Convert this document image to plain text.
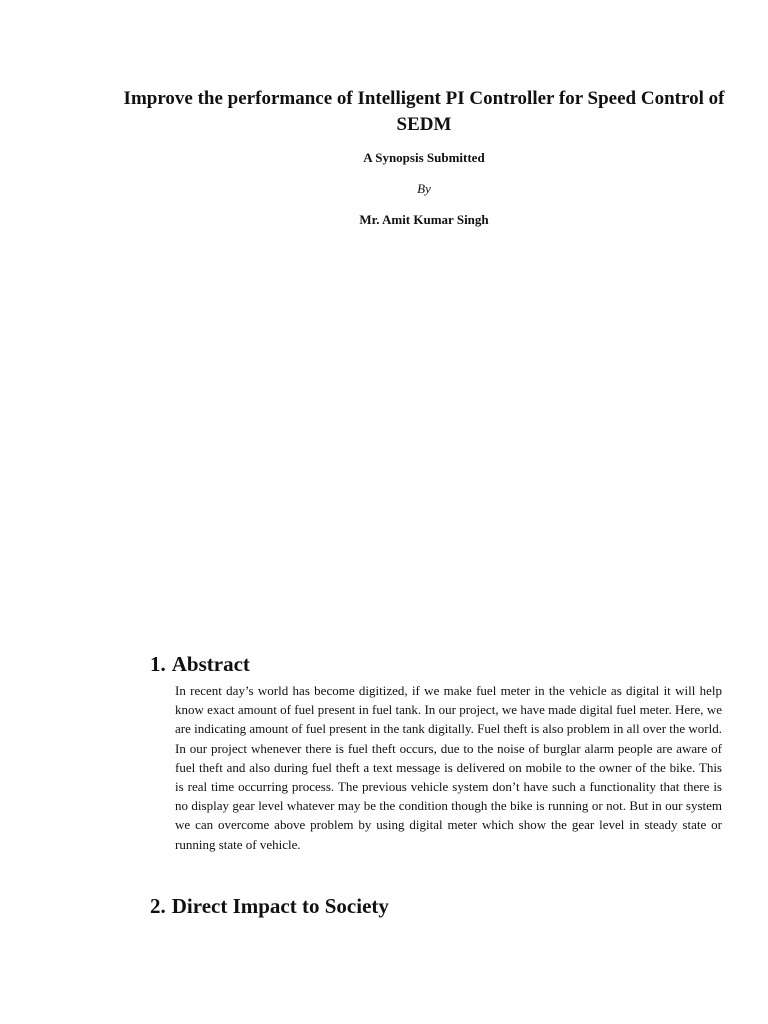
Improve the performance of Intelligent PI Controller for Speed Control of SEDM
A Synopsis Submitted
By
Mr. Amit Kumar Singh
1. Abstract
In recent day’s world has become digitized, if we make fuel meter in the vehicle as digital it will help know exact amount of fuel present in fuel tank. In our project, we have made digital fuel meter. Here, we are indicating amount of fuel present in the tank digitally. Fuel theft is also problem in all over the world. In our project whenever there is fuel theft occurs, due to the noise of burglar alarm people are aware of fuel theft and also during fuel theft a text message is delivered on mobile to the owner of the bike. This is real time occurring process. The previous vehicle system don’t have such a functionality that there is no display gear level whatever may be the condition though the bike is running or not. But in our system we can overcome above problem by using digital meter which show the gear level in steady state or running state of vehicle.
2. Direct Impact to Society
